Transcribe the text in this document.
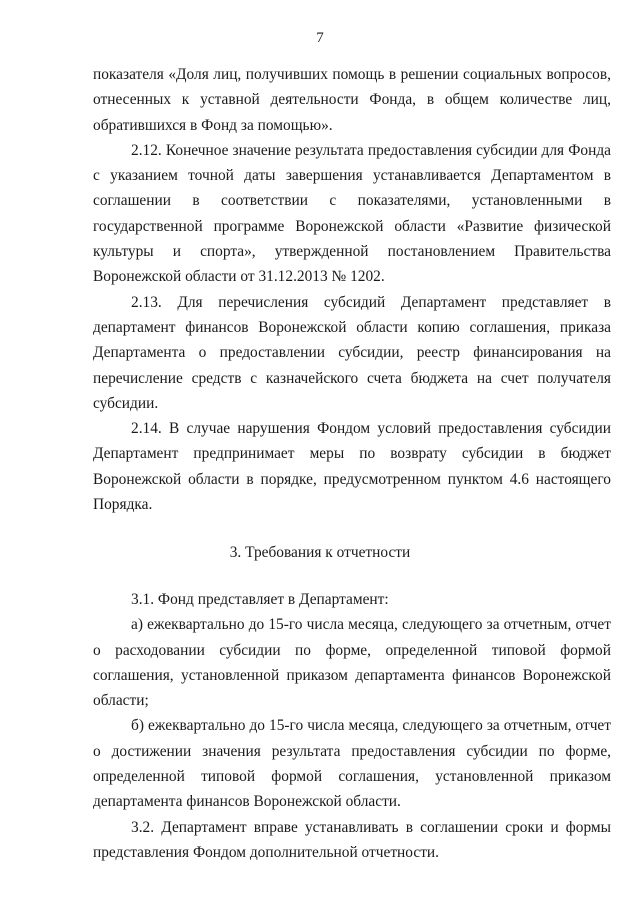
7

показателя «Доля лиц, получивших помощь в решении социальных вопросов, отнесенных к уставной деятельности Фонда, в общем количестве лиц, обратившихся в Фонд за помощью».

2.12. Конечное значение результата предоставления субсидии для Фонда с указанием точной даты завершения устанавливается Департаментом в соглашении в соответствии с показателями, установленными в государственной программе Воронежской области «Развитие физической культуры и спорта», утвержденной постановлением Правительства Воронежской области от 31.12.2013 № 1202.

2.13. Для перечисления субсидий Департамент представляет в департамент финансов Воронежской области копию соглашения, приказа Департамента о предоставлении субсидии, реестр финансирования на перечисление средств с казначейского счета бюджета на счет получателя субсидии.

2.14. В случае нарушения Фондом условий предоставления субсидии Департамент предпринимает меры по возврату субсидии в бюджет Воронежской области в порядке, предусмотренном пунктом 4.6 настоящего Порядка.

3. Требования к отчетности

3.1. Фонд представляет в Департамент:

а) ежеквартально до 15-го числа месяца, следующего за отчетным, отчет о расходовании субсидии по форме, определенной типовой формой соглашения, установленной приказом департамента финансов Воронежской области;

б) ежеквартально до 15-го числа месяца, следующего за отчетным, отчет о достижении значения результата предоставления субсидии по форме, определенной типовой формой соглашения, установленной приказом департамента финансов Воронежской области.

3.2. Департамент вправе устанавливать в соглашении сроки и формы представления Фондом дополнительной отчетности.
